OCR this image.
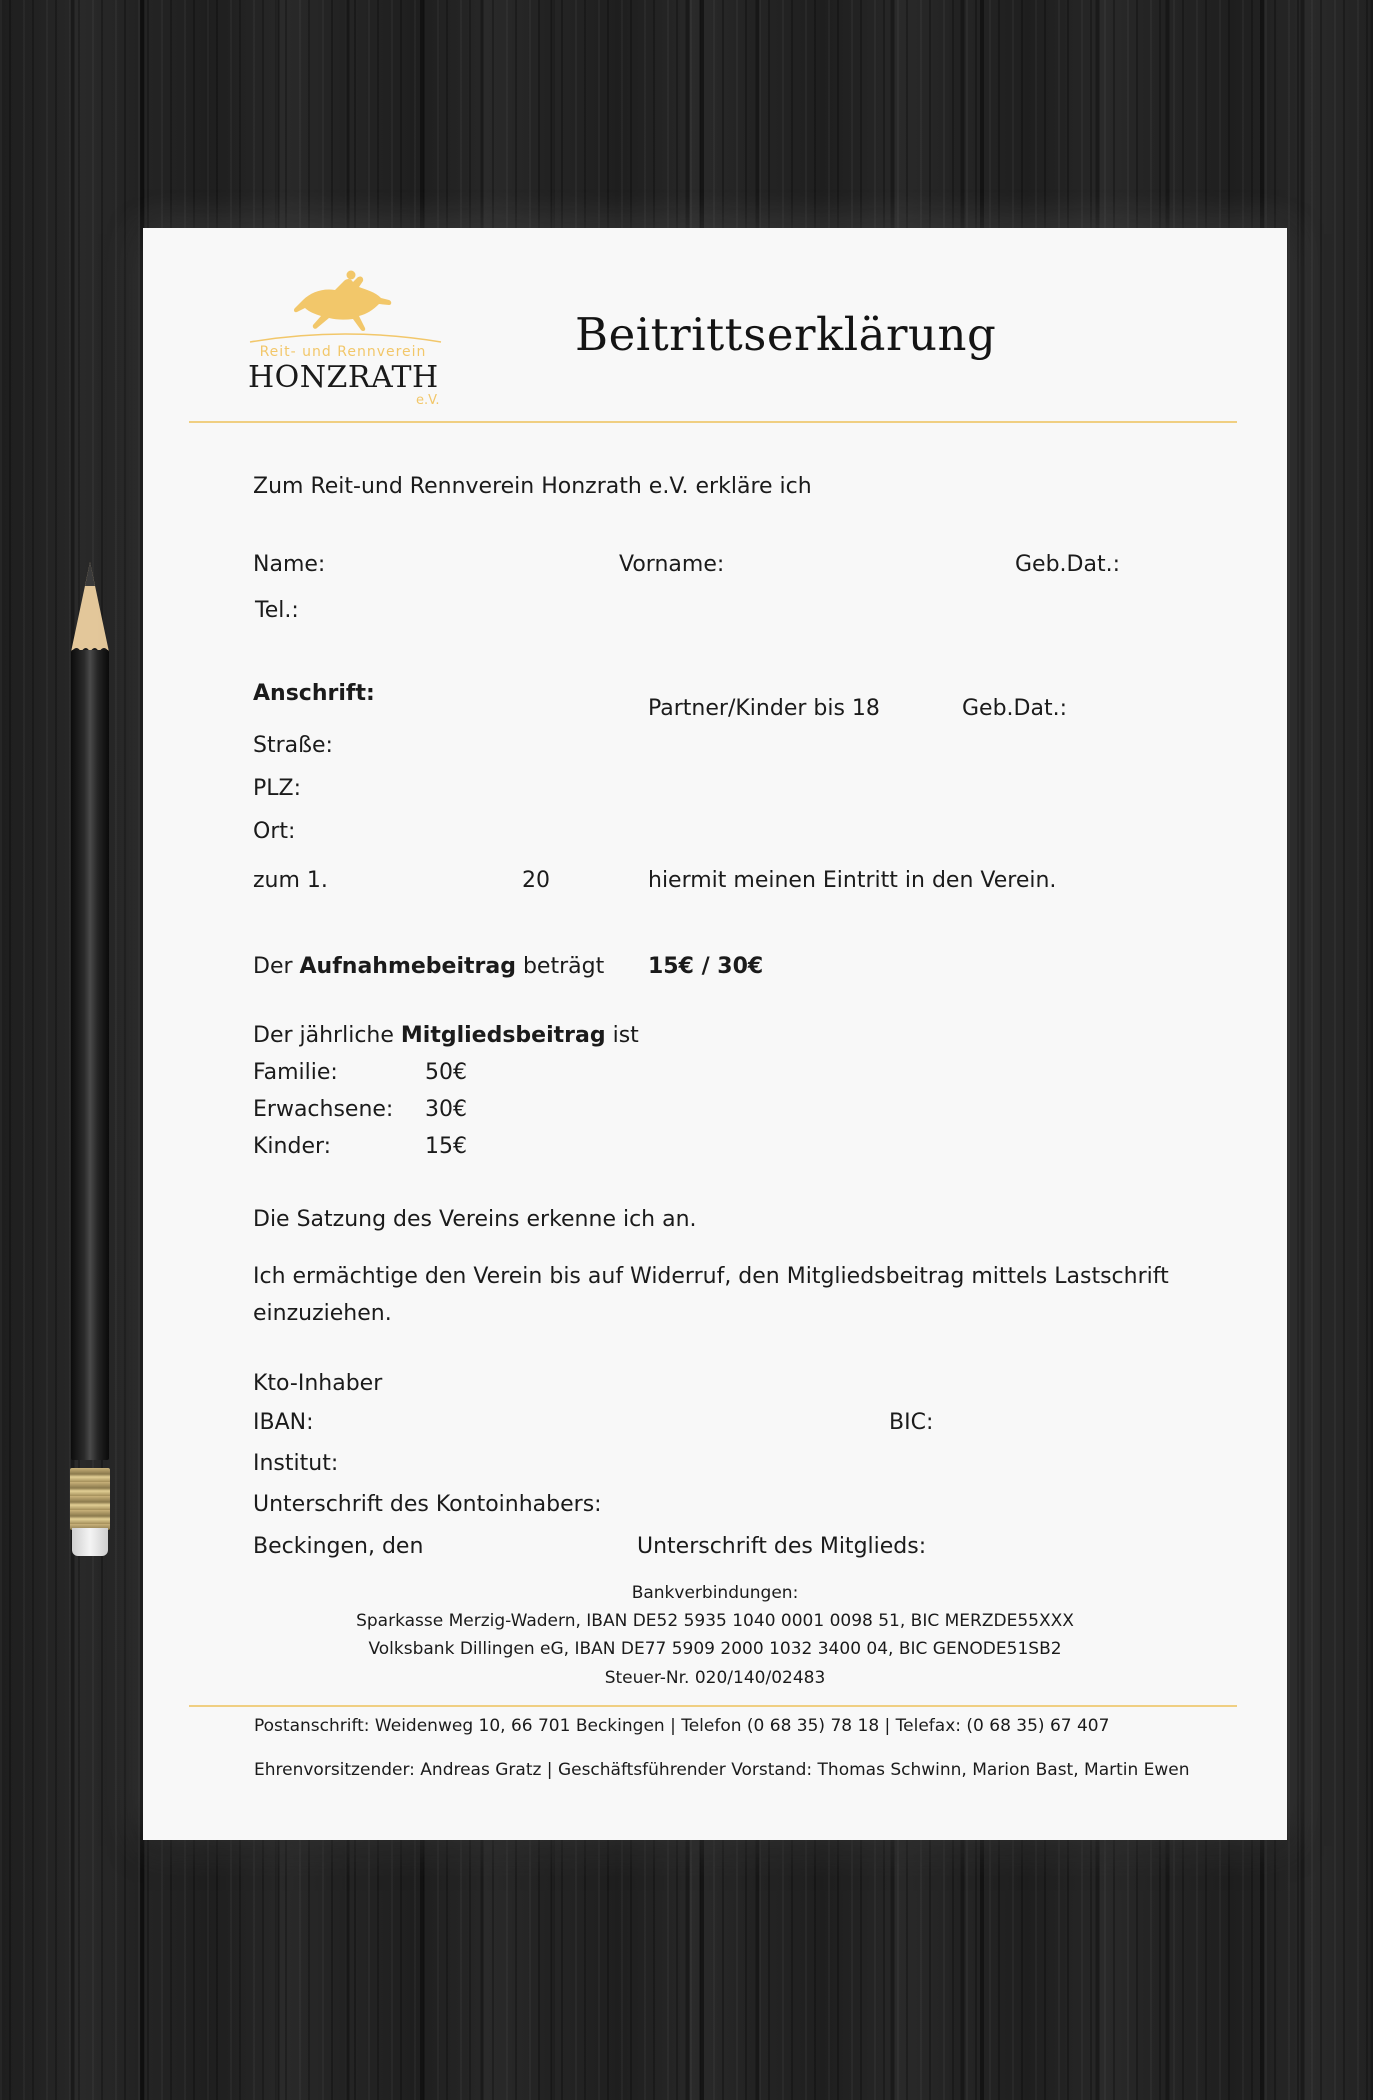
Reit- und Rennverein
HONZRATH
e.V.
Beitrittserklärung
Zum Reit-und Rennverein Honzrath e.V. erkläre ich
Name:	Vorname:	Geb.Dat.:
Tel.:
Anschrift:
Partner/Kinder bis 18	Geb.Dat.:
Straße:
PLZ:
Ort:
zum 1.	20	hiermit meinen Eintritt in den Verein.
Der Aufnahmebeitrag beträgt 15€ / 30€
Der jährliche Mitgliedsbeitrag ist
Familie:	50€
Erwachsene: 30€
Kinder:	15€
Die Satzung des Vereins erkenne ich an.
Ich ermächtige den Verein bis auf Widerruf, den Mitgliedsbeitrag mittels Lastschrift
einzuziehen.
Kto-Inhaber
IBAN:	BIC:
Institut:
Unterschrift des Kontoinhabers:
Beckingen, den	Unterschrift des Mitglieds:
Bankverbindungen:
Sparkasse Merzig-Wadern, IBAN DE52 5935 1040 0001 0098 51, BIC MERZDE55XXX
Volksbank Dillingen eG, IBAN DE77 5909 2000 1032 3400 04, BIC GENODE51SB2
Steuer-Nr. 020/140/02483
Postanschrift: Weidenweg 10, 66 701 Beckingen | Telefon (0 68 35) 78 18 | Telefax: (0 68 35) 67 407
Ehrenvorsitzender: Andreas Gratz | Geschäftsführender Vorstand: Thomas Schwinn, Marion Bast, Martin Ewen
